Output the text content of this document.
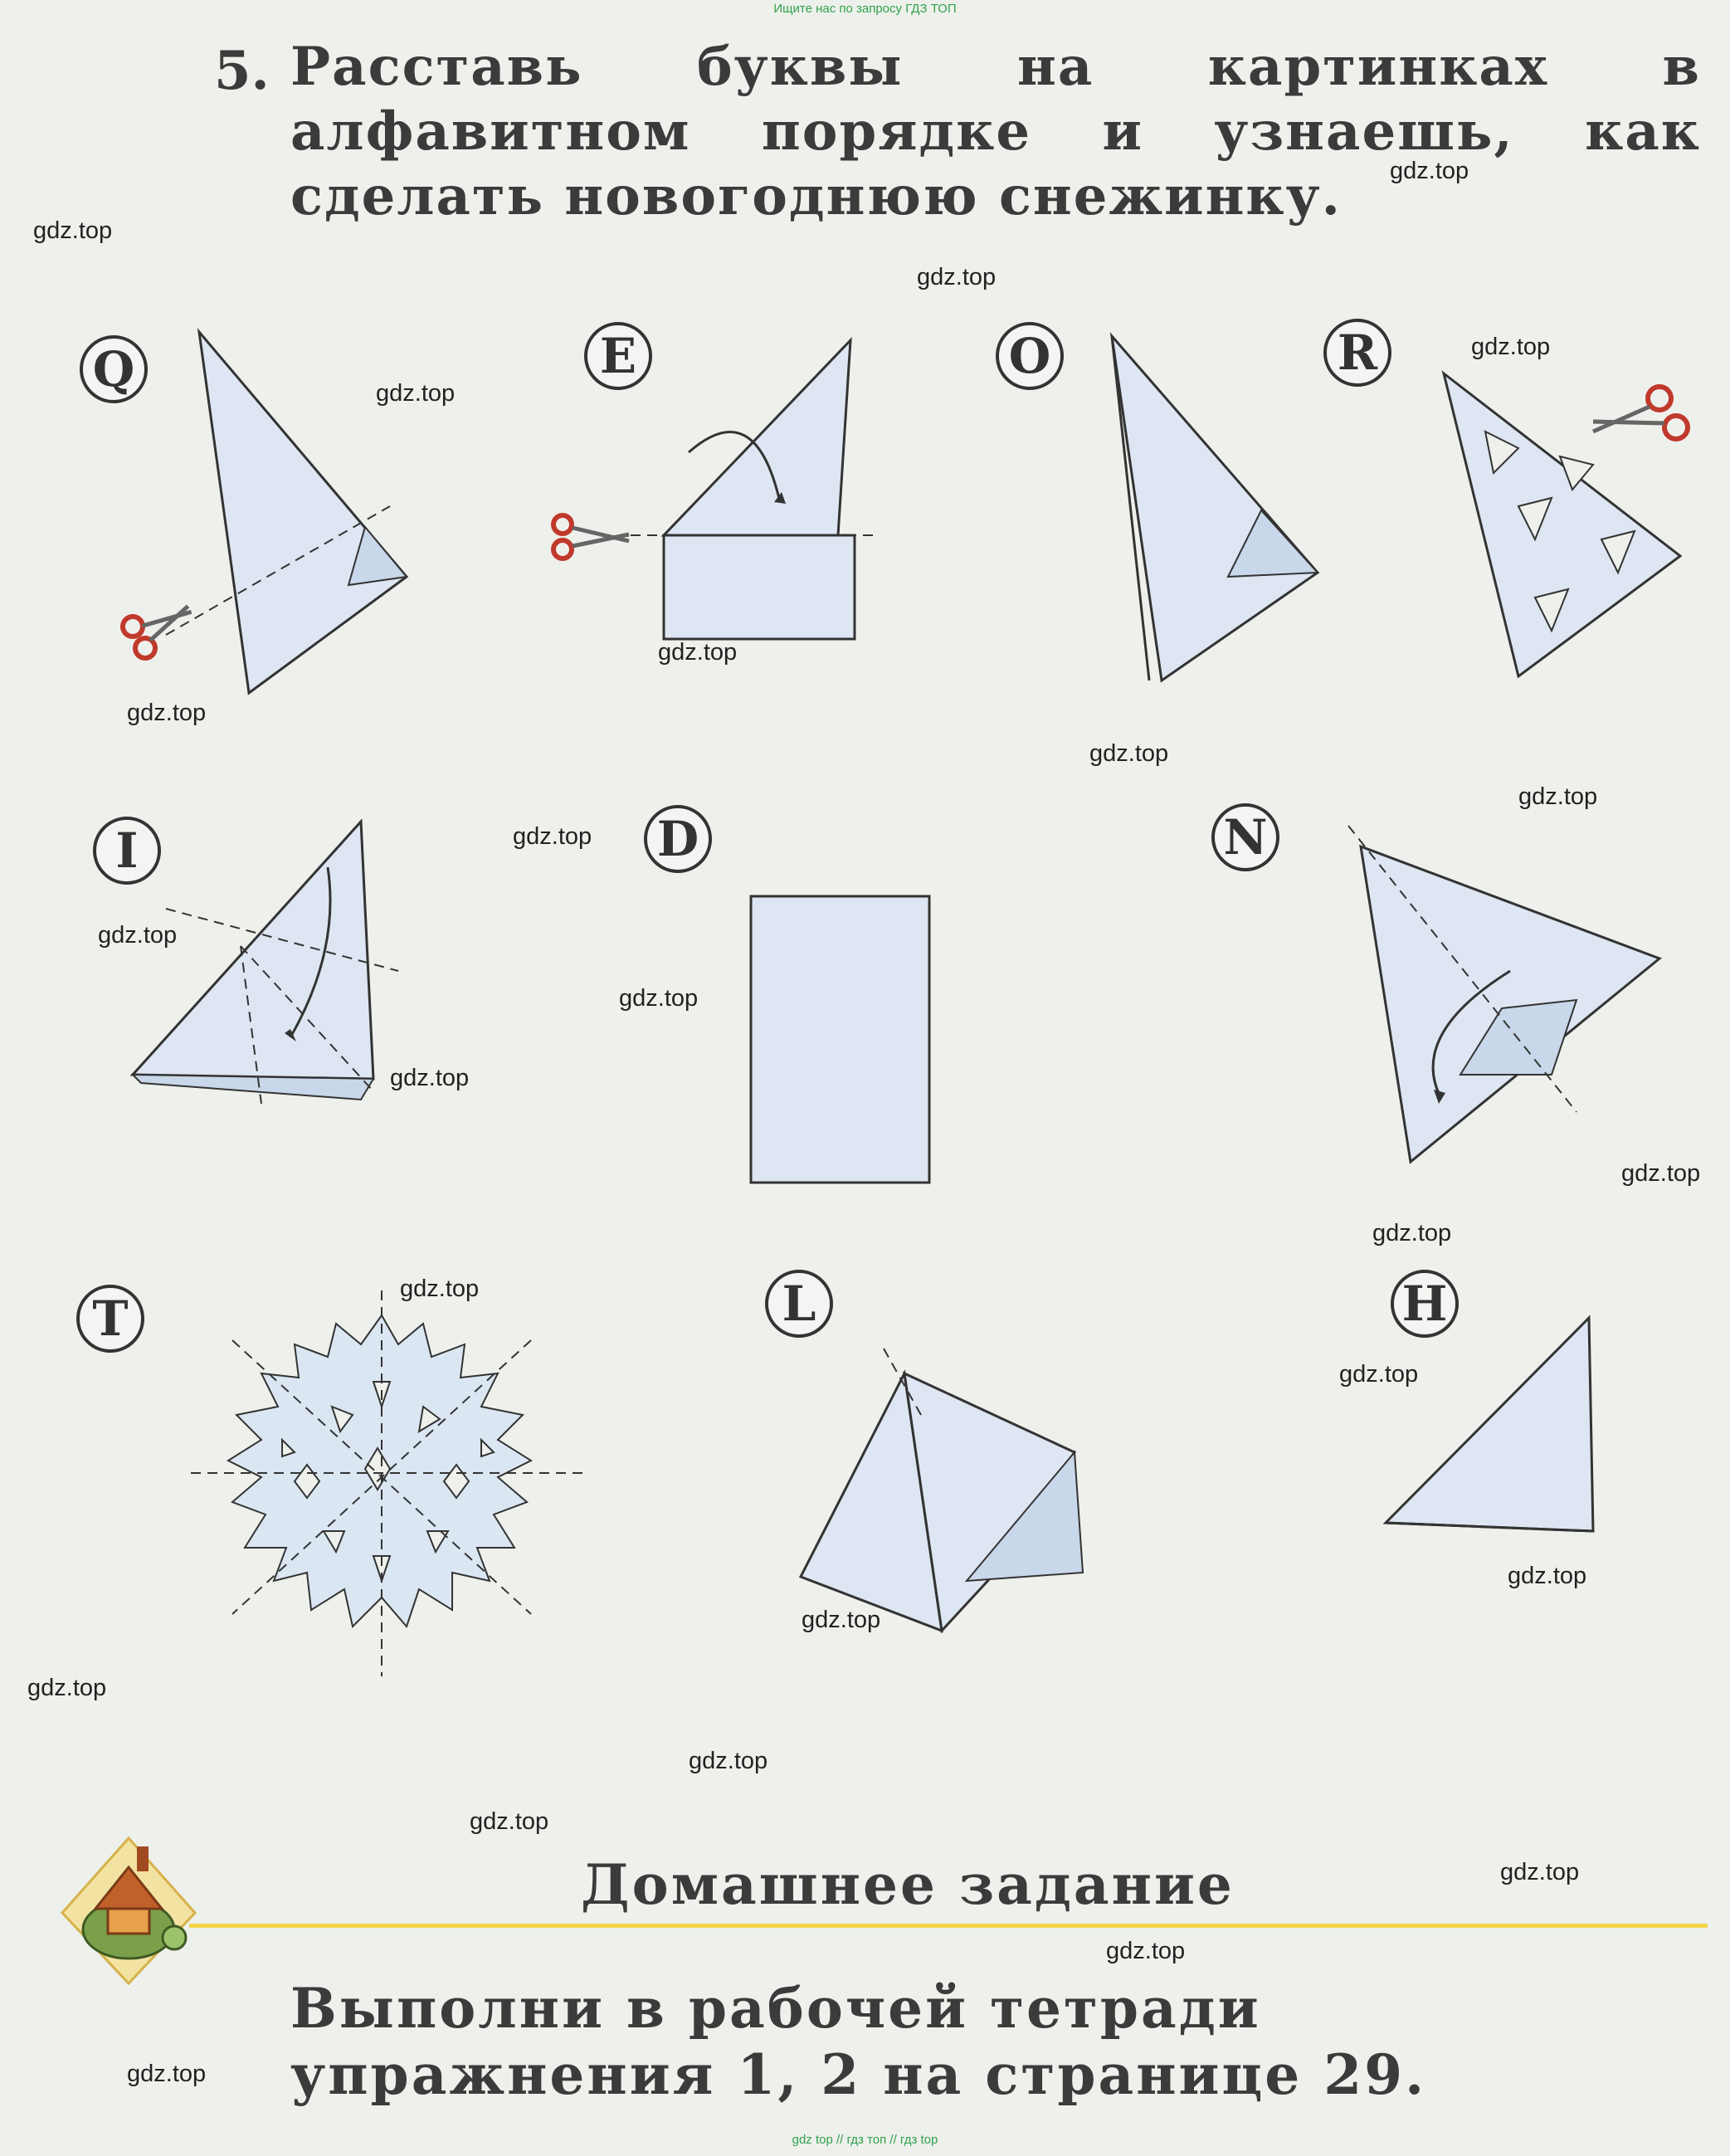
Ищите нас по запросу ГДЗ ТОП
5. Расставь буквы на картинках в алфавитном порядке и узнаешь, как сделать новогоднюю снежинку.
Q	E	O	R
I	D	N
T	L	H
Домашнее задание
Выполни в рабочей тетради упражнения 1, 2 на странице 29.
gdz.top
gdz.top
gdz.top
gdz.top
gdz.top
gdz.top
gdz.top
gdz.top
gdz.top
gdz.top
gdz.top
gdz.top
gdz.top
gdz.top
gdz.top
gdz.top
gdz.top
gdz.top
gdz.top
gdz.top
gdz.top
gdz.top
gdz.top
gdz.top
gdz.top
gdz top // гдз топ // гдз top
